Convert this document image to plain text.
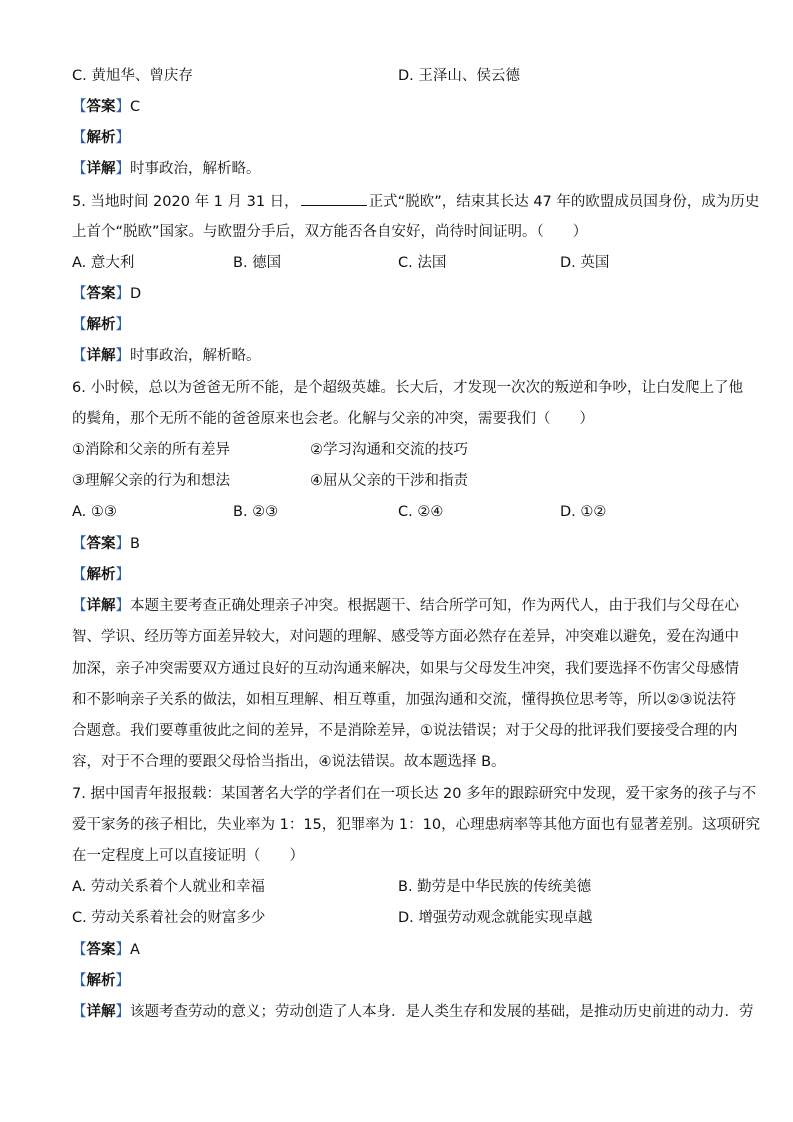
C. 黄旭华、曾庆存	D. 王泽山、侯云德
【答案】C
【解析】
【详解】时事政治，解析略。
5. 当地时间 2020 年 1 月 31 日，	正式“脱欧”，结束其长达 47 年的欧盟成员国身份，成为历史
上首个“脱欧”国家。与欧盟分手后，双方能否各自安好，尚待时间证明。（　　）
A. 意大利	B. 德国	C. 法国	D. 英国
【答案】D
【解析】
【详解】时事政治，解析略。
6. 小时候，总以为爸爸无所不能，是个超级英雄。长大后，才发现一次次的叛逆和争吵，让白发爬上了他
的鬓角，那个无所不能的爸爸原来也会老。化解与父亲的冲突，需要我们（　　）
①消除和父亲的所有差异	②学习沟通和交流的技巧
③理解父亲的行为和想法	④屈从父亲的干涉和指责
A. ①③	B. ②③	C. ②④	D. ①②
【答案】B
【解析】
【详解】本题主要考查正确处理亲子冲突。根据题干、结合所学可知，作为两代人，由于我们与父母在心
智、学识、经历等方面差异较大，对问题的理解、感受等方面必然存在差异，冲突难以避免，爱在沟通中
加深，亲子冲突需要双方通过良好的互动沟通来解决，如果与父母发生冲突，我们要选择不伤害父母感情
和不影响亲子关系的做法，如相互理解、相互尊重，加强沟通和交流，懂得换位思考等，所以②③说法符
合题意。我们要尊重彼此之间的差异，不是消除差异，①说法错误；对于父母的批评我们要接受合理的内
容，对于不合理的要跟父母恰当指出，④说法错误。故本题选择 B。
7. 据中国青年报报载：某国著名大学的学者们在一项长达 20 多年的跟踪研究中发现，爱干家务的孩子与不
爱干家务的孩子相比，失业率为 1：15，犯罪率为 1：10，心理患病率等其他方面也有显著差别。这项研究
在一定程度上可以直接证明（　　）
A. 劳动关系着个人就业和幸福	B. 勤劳是中华民族的传统美德
C. 劳动关系着社会的财富多少	D. 增强劳动观念就能实现卓越
【答案】A
【解析】
【详解】该题考查劳动的意义；劳动创造了人本身．是人类生存和发展的基础，是推动历史前进的动力．劳
